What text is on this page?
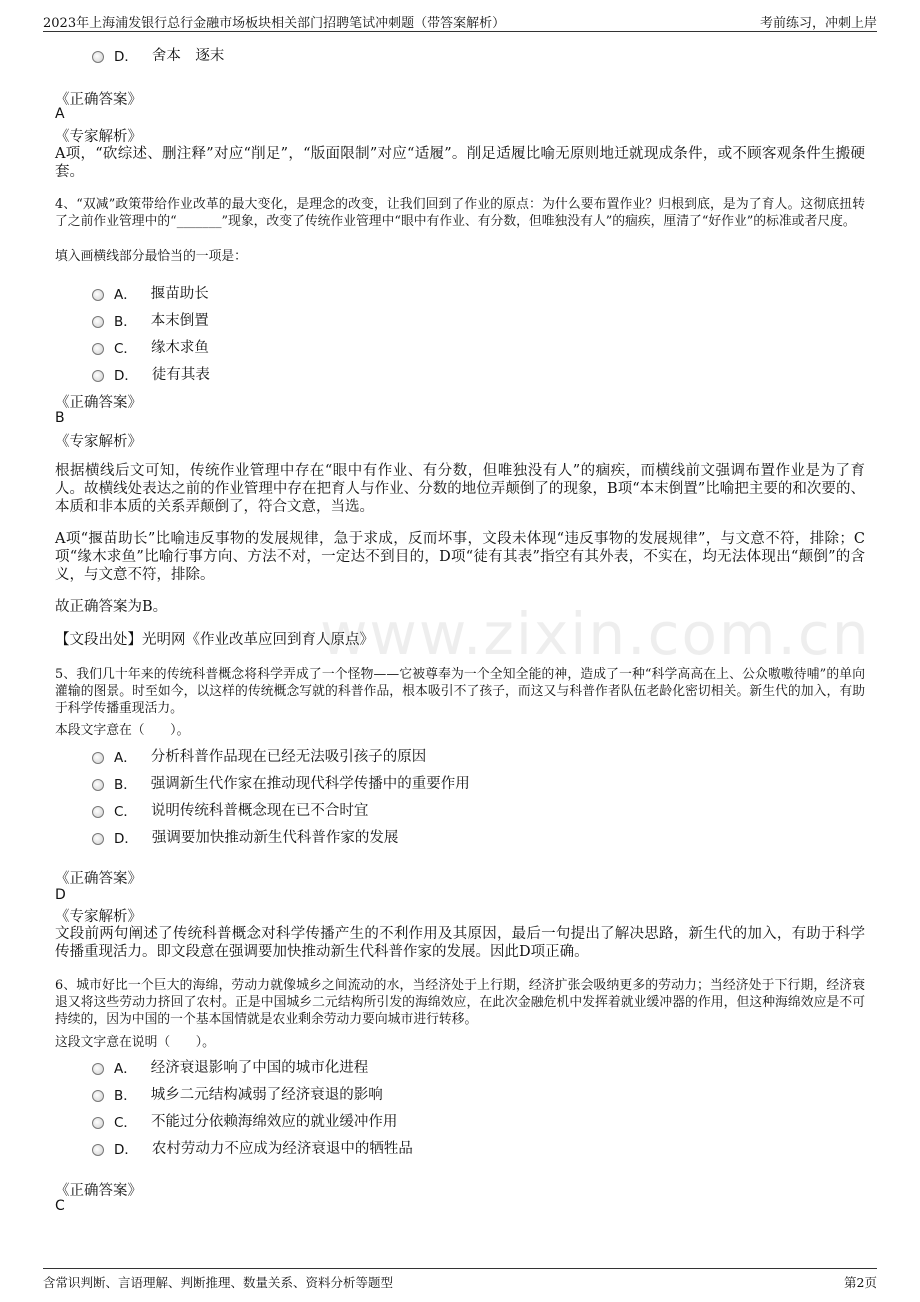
2023年上海浦发银行总行金融市场板块相关部门招聘笔试冲刺题（带答案解析）	考前练习，冲刺上岸
www.zixin.com.cn
D． 舍本　逐末
《正确答案》
A
《专家解析》
A项，“砍综述、删注释”对应“削足”，“版面限制”对应“适履”。削足适履比喻无原则地迁就现成条件，或不顾客观条件生搬硬套。
4、“双减”政策带给作业改革的最大变化，是理念的改变，让我们回到了作业的原点：为什么要布置作业？归根到底，是为了育人。这彻底扭转了之前作业管理中的“_______”现象，改变了传统作业管理中“眼中有作业、有分数，但唯独没有人”的痼疾，厘清了“好作业”的标准或者尺度。
填入画横线部分最恰当的一项是：
A． 揠苗助长
B． 本末倒置
C． 缘木求鱼
D． 徒有其表
《正确答案》
B
《专家解析》
根据横线后文可知，传统作业管理中存在“眼中有作业、有分数，但唯独没有人”的痼疾，而横线前文强调布置作业是为了育人。故横线处表达之前的作业管理中存在把育人与作业、分数的地位弄颠倒了的现象，B项“本末倒置”比喻把主要的和次要的、本质和非本质的关系弄颠倒了，符合文意，当选。
A项“揠苗助长”比喻违反事物的发展规律，急于求成，反而坏事，文段未体现“违反事物的发展规律”，与文意不符，排除；C项“缘木求鱼”比喻行事方向、方法不对，一定达不到目的，D项“徒有其表”指空有其外表，不实在，均无法体现出“颠倒”的含义，与文意不符，排除。
故正确答案为B。
【文段出处】光明网《作业改革应回到育人原点》
5、我们几十年来的传统科普概念将科学弄成了一个怪物——它被尊奉为一个全知全能的神，造成了一种“科学高高在上、公众嗷嗷待哺”的单向灌输的图景。时至如今，以这样的传统概念写就的科普作品，根本吸引不了孩子，而这又与科普作者队伍老龄化密切相关。新生代的加入，有助于科学传播重现活力。
本段文字意在（　　）。
A． 分析科普作品现在已经无法吸引孩子的原因
B． 强调新生代作家在推动现代科学传播中的重要作用
C． 说明传统科普概念现在已不合时宜
D． 强调要加快推动新生代科普作家的发展
《正确答案》
D
《专家解析》
文段前两句阐述了传统科普概念对科学传播产生的不利作用及其原因，最后一句提出了解决思路，新生代的加入，有助于科学传播重现活力。即文段意在强调要加快推动新生代科普作家的发展。因此D项正确。
6、城市好比一个巨大的海绵，劳动力就像城乡之间流动的水，当经济处于上行期，经济扩张会吸纳更多的劳动力；当经济处于下行期，经济衰退又将这些劳动力挤回了农村。正是中国城乡二元结构所引发的海绵效应，在此次金融危机中发挥着就业缓冲器的作用，但这种海绵效应是不可持续的，因为中国的一个基本国情就是农业剩余劳动力要向城市进行转移。
这段文字意在说明（　　）。
A． 经济衰退影响了中国的城市化进程
B． 城乡二元结构减弱了经济衰退的影响
C． 不能过分依赖海绵效应的就业缓冲作用
D． 农村劳动力不应成为经济衰退中的牺牲品
《正确答案》
C
含常识判断、言语理解、判断推理、数量关系、资料分析等题型	第2页
